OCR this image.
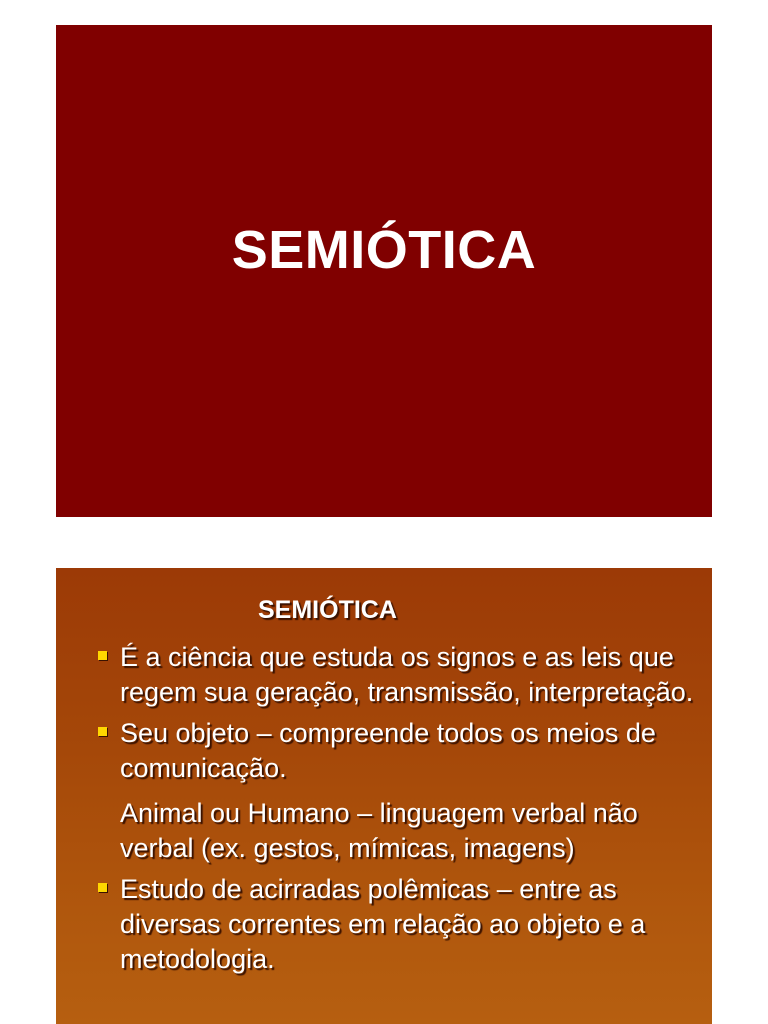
SEMIÓTICA
SEMIÓTICA
É a ciência que estuda os signos e as leis que regem sua geração, transmissão, interpretação.
Seu objeto – compreende todos os meios de comunicação.
Animal ou Humano – linguagem verbal não verbal (ex. gestos, mímicas, imagens)
Estudo de acirradas polêmicas – entre as diversas correntes em relação ao objeto e a metodologia.
